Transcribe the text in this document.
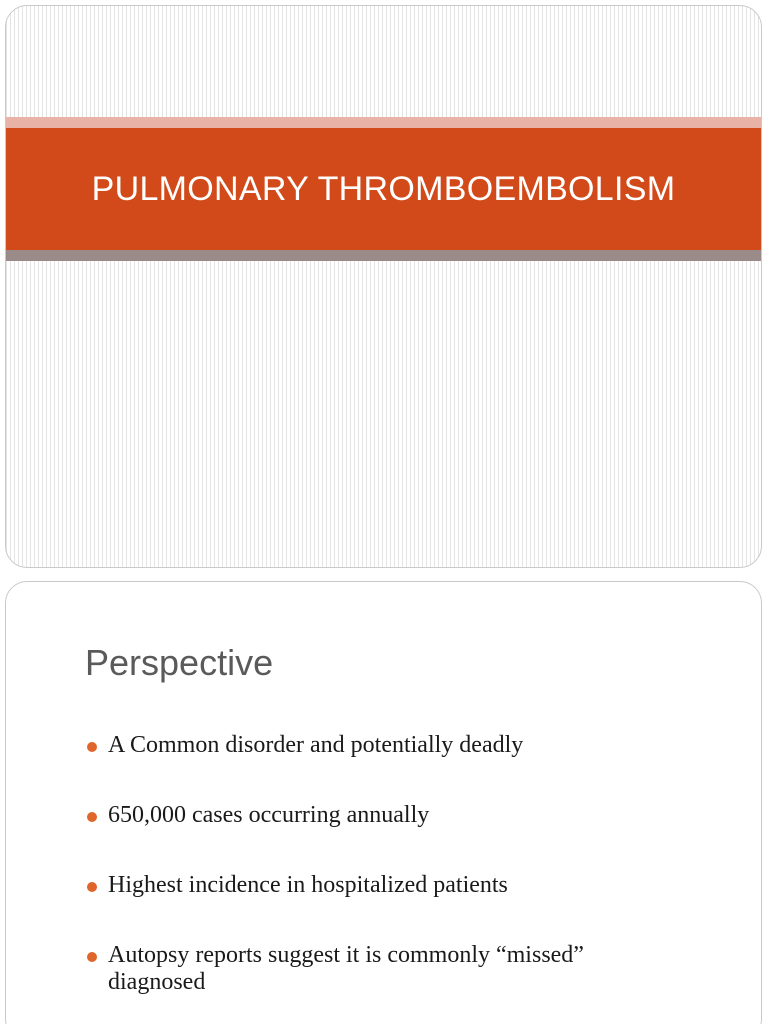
PULMONARY THROMBOEMBOLISM
Perspective
A Common disorder and potentially deadly
650,000 cases occurring annually
Highest incidence in hospitalized patients
Autopsy reports suggest it is commonly “missed” diagnosed
